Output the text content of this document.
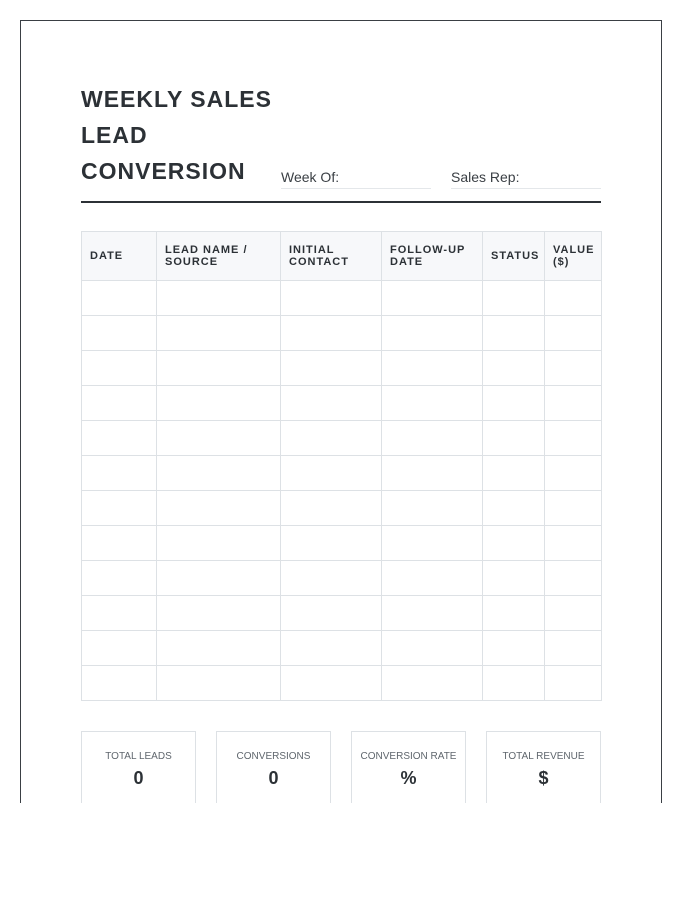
WEEKLY SALES
LEAD
CONVERSION	Week Of:	Sales Rep:
DATE	LEAD NAME / SOURCE	INITIAL CONTACT	FOLLOW-UP DATE	STATUS	VALUE ($)

TOTAL LEADS
0
CONVERSIONS
0
CONVERSION RATE
%
TOTAL REVENUE
$
